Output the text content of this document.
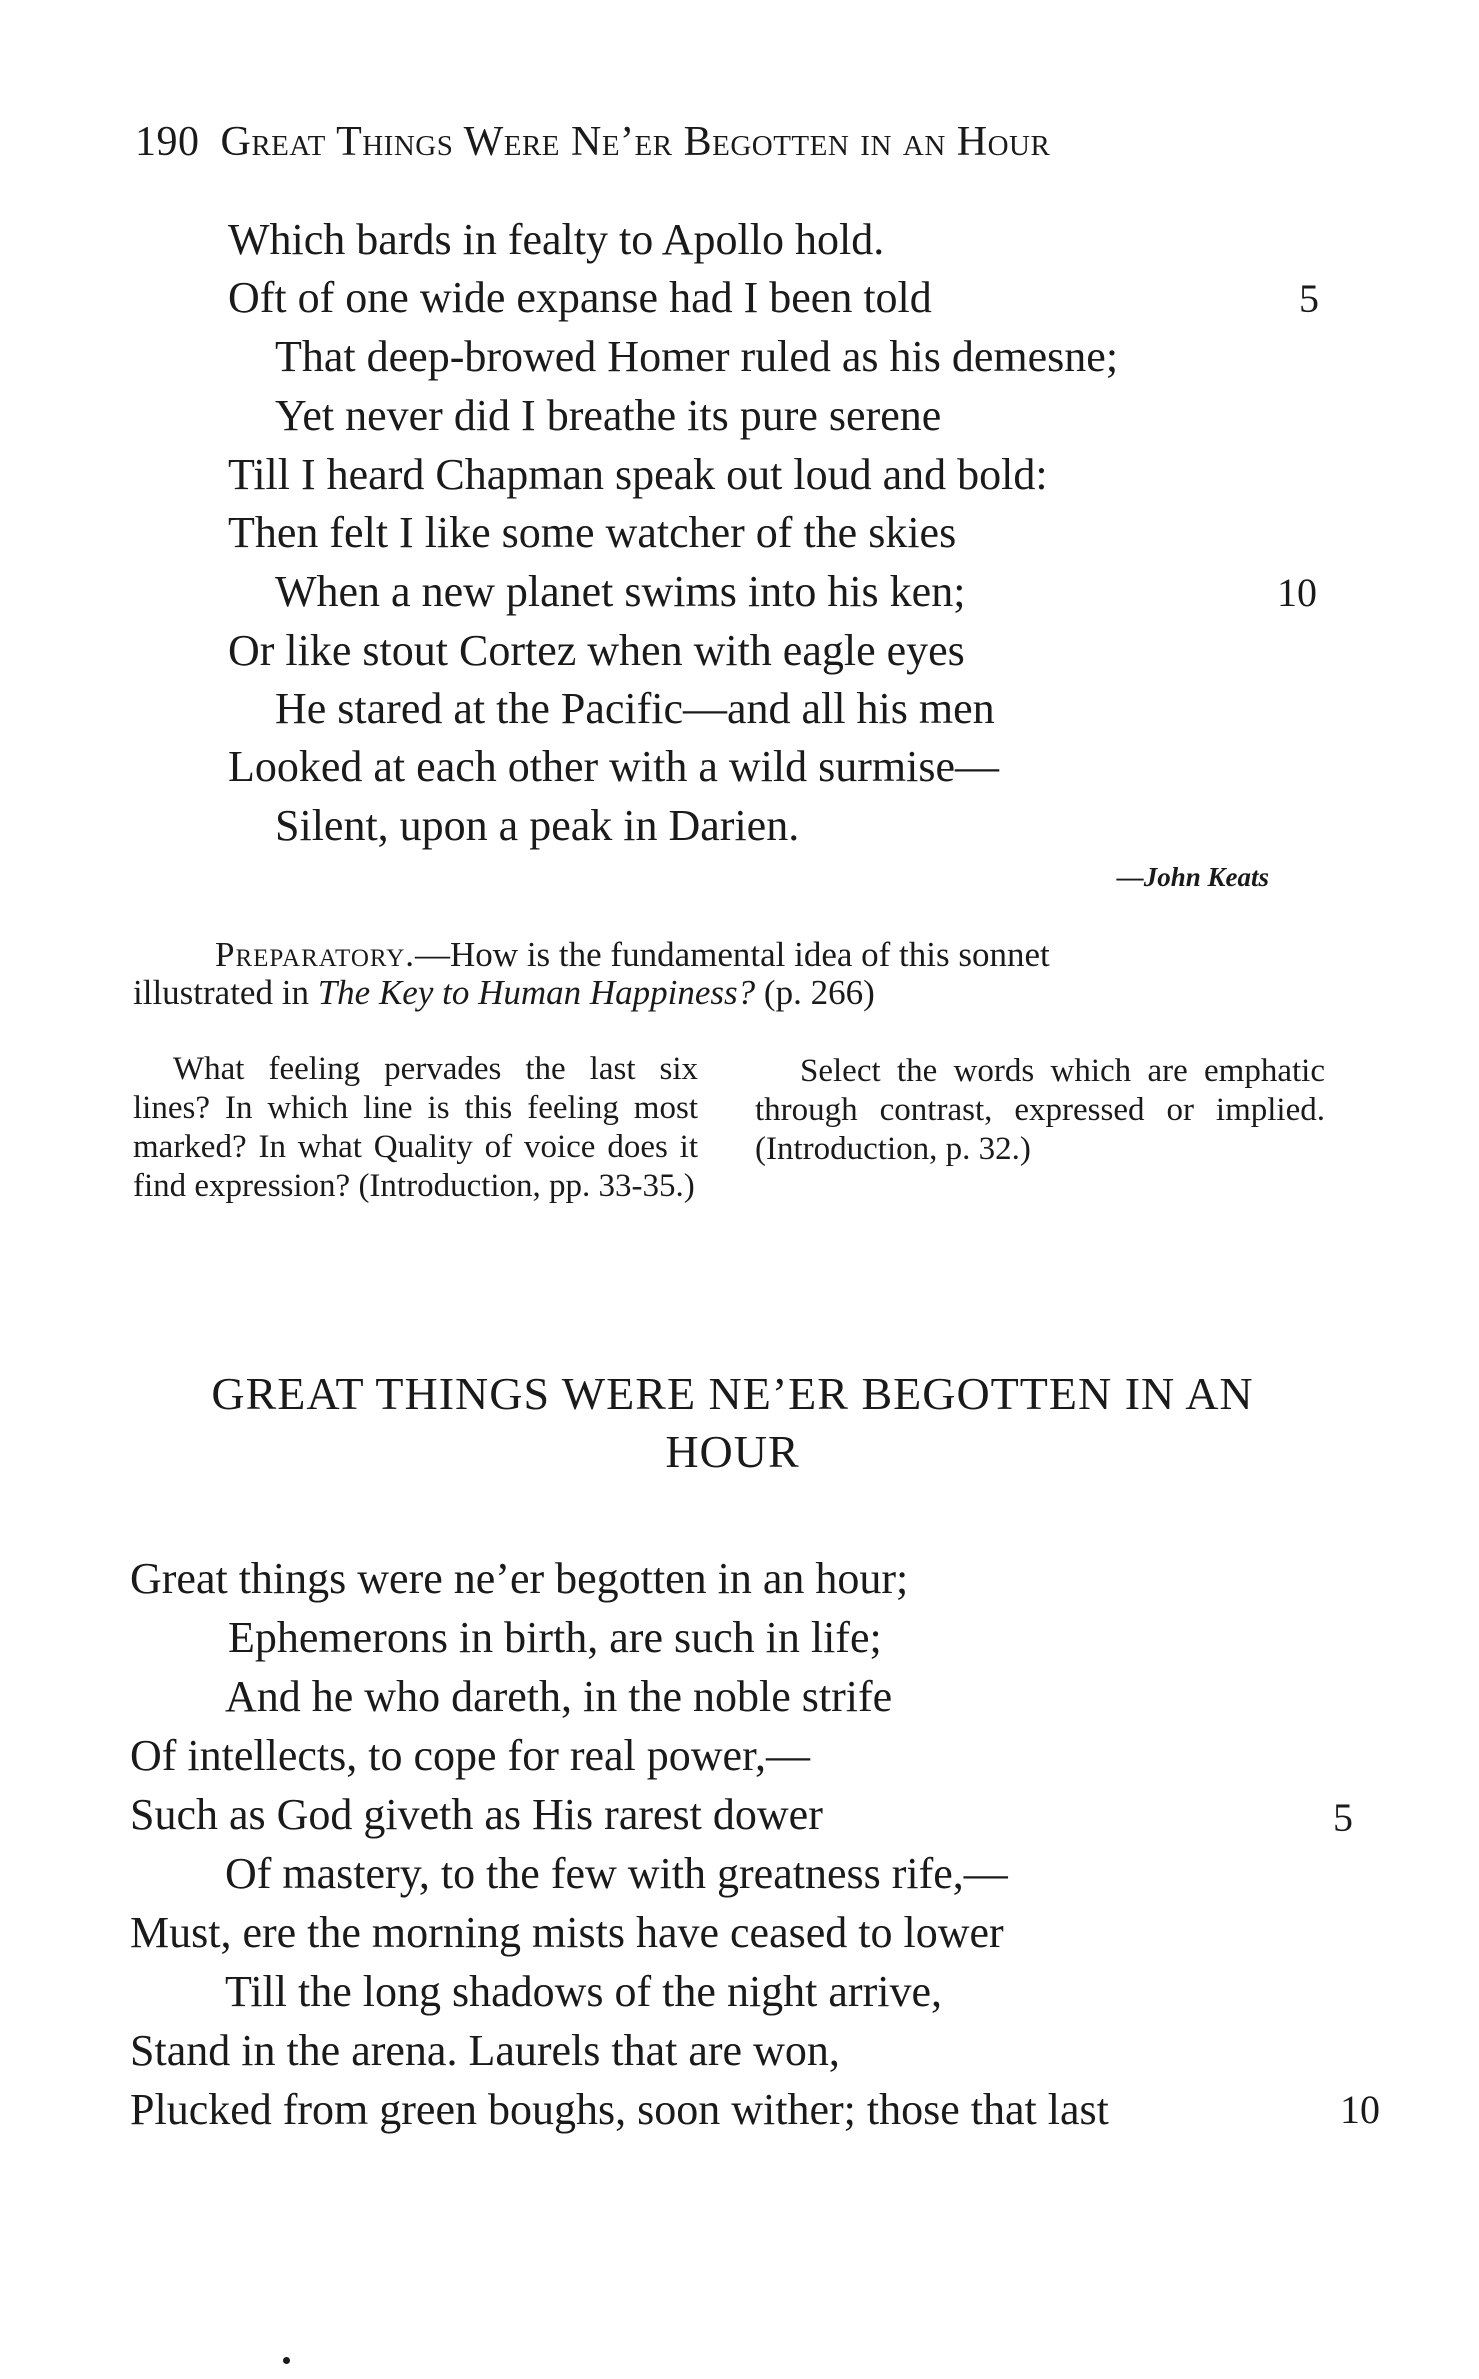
190 Great Things Were Ne’er Begotten in an Hour
Which bards in fealty to Apollo hold.
Oft of one wide expanse had I been told	5
That deep-browed Homer ruled as his demesne;
Yet never did I breathe its pure serene
Till I heard Chapman speak out loud and bold:
Then felt I like some watcher of the skies
When a new planet swims into his ken;	10
Or like stout Cortez when with eagle eyes
He stared at the Pacific—and all his men
Looked at each other with a wild surmise—
Silent, upon a peak in Darien.
—John Keats
Preparatory.—How is the fundamental idea of this sonnet
illustrated in The Key to Human Happiness? (p. 266)

What feeling pervades the last six lines? In which line is this feeling most marked? In what Quality of voice does it find expression? (Introduction, pp. 33-35.)

Select the words which are emphatic through contrast, expressed or implied. (Introduction, p. 32.)

GREAT THINGS WERE NE’ER BEGOTTEN IN AN
HOUR
Great things were ne’er begotten in an hour;
Ephemerons in birth, are such in life;
And he who dareth, in the noble strife
Of intellects, to cope for real power,—
Such as God giveth as His rarest dower	5
Of mastery, to the few with greatness rife,—
Must, ere the morning mists have ceased to lower
Till the long shadows of the night arrive,
Stand in the arena. Laurels that are won,
Plucked from green boughs, soon wither; those that last	10
